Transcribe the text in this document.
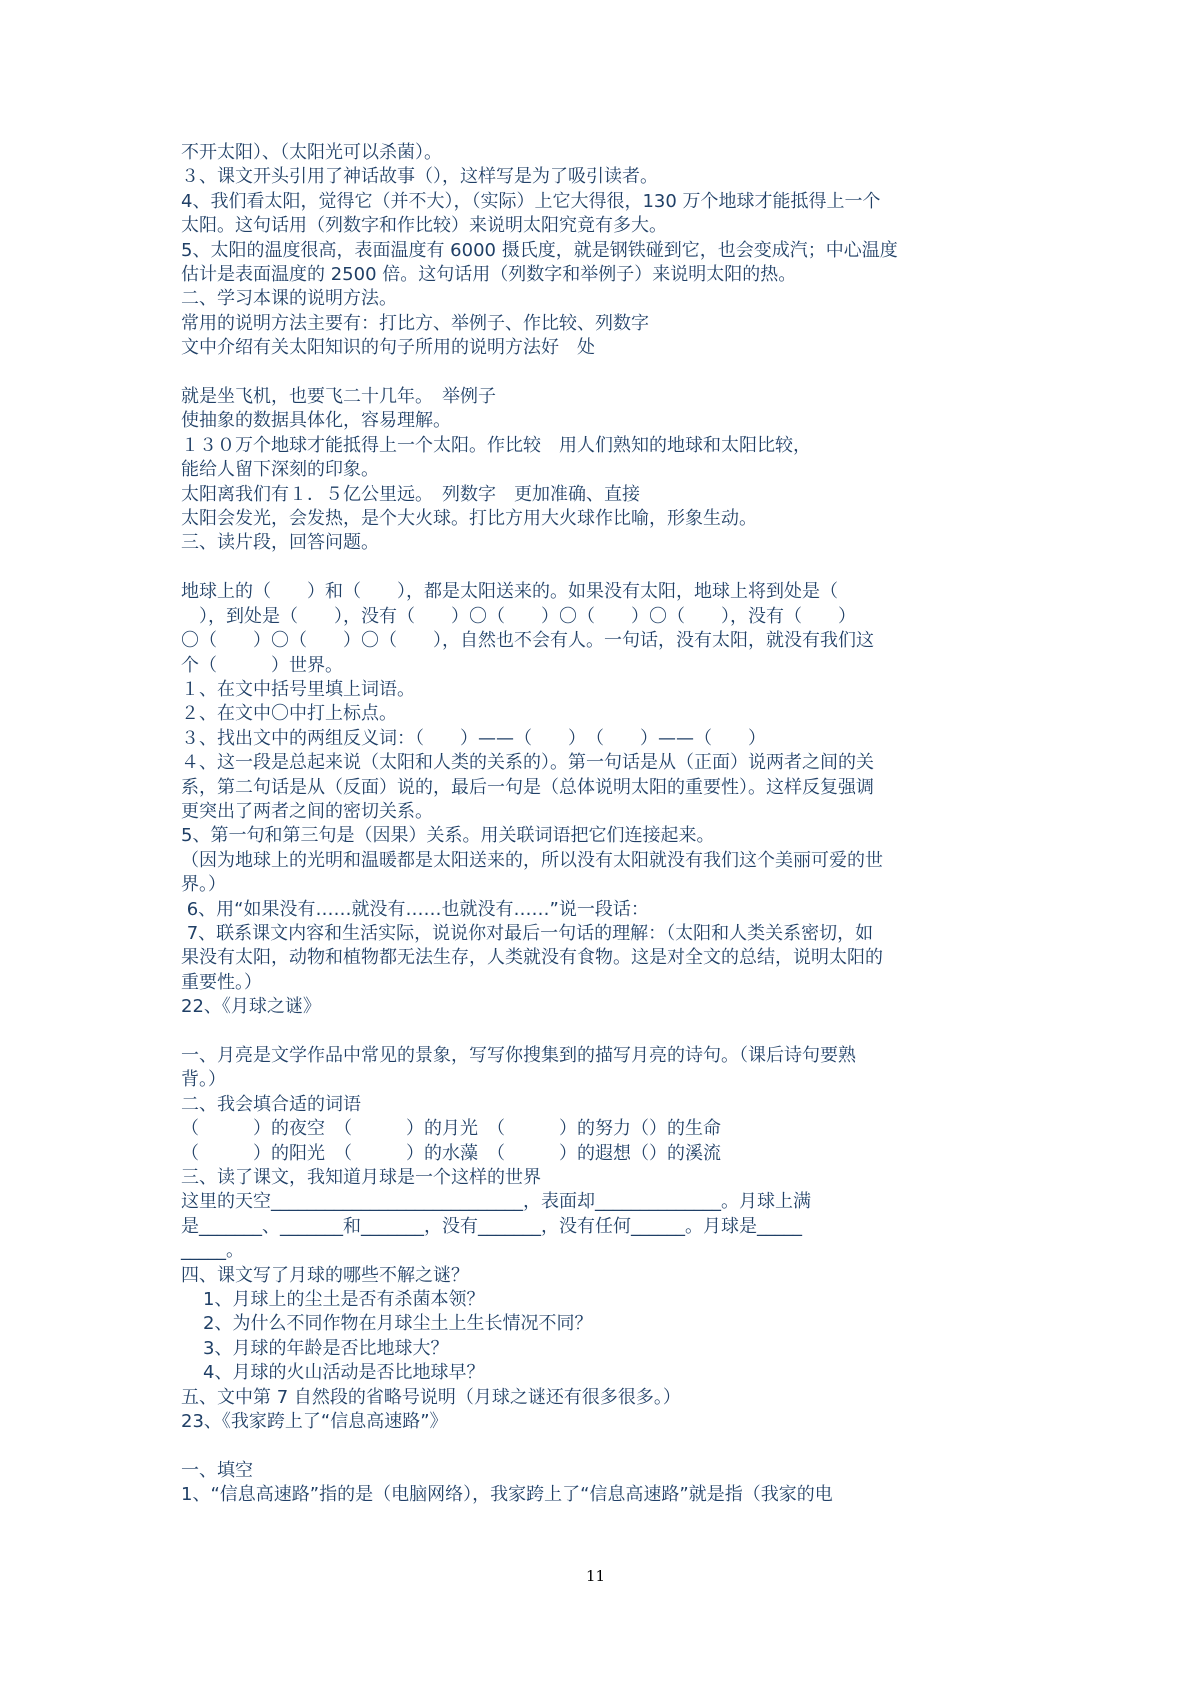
不开太阳）、（太阳光可以杀菌）。
３、课文开头引用了神话故事（），这样写是为了吸引读者。
4、我们看太阳，觉得它（并不大），（实际）上它大得很，130 万个地球才能抵得上一个
太阳。这句话用（列数字和作比较）来说明太阳究竟有多大。
5、太阳的温度很高，表面温度有 6000 摄氏度，就是钢铁碰到它，也会变成汽；中心温度
估计是表面温度的 2500 倍。这句话用（列数字和举例子）来说明太阳的热。
二、学习本课的说明方法。
常用的说明方法主要有：打比方、举例子、作比较、列数字
文中介绍有关太阳知识的句子所用的说明方法好　处
就是坐飞机，也要飞二十几年。　举例子
使抽象的数据具体化，容易理解。
１３０万个地球才能抵得上一个太阳。作比较　用人们熟知的地球和太阳比较，
能给人留下深刻的印象。
太阳离我们有１．５亿公里远。　列数字　更加准确、直接
太阳会发光，会发热，是个大火球。打比方用大火球作比喻，形象生动。
三、读片段，回答问题。
地球上的（　　）和（　　），都是太阳送来的。如果没有太阳，地球上将到处是（
　），到处是（　　），没有（　　）〇（　　）〇（　　）〇（　　），没有（　　）
〇（　　）〇（　　）〇（　　），自然也不会有人。一句话，没有太阳，就没有我们这
个（　　　）世界。
１、在文中括号里填上词语。
２、在文中〇中打上标点。
３、找出文中的两组反义词：（　　）——（　　）　（　　）——（　　）
４、这一段是总起来说（太阳和人类的关系的）。第一句话是从（正面）说两者之间的关
系，第二句话是从（反面）说的，最后一句是（总体说明太阳的重要性）。这样反复强调
更突出了两者之间的密切关系。
5、第一句和第三句是（因果）关系。用关联词语把它们连接起来。
（因为地球上的光明和温暖都是太阳送来的，所以没有太阳就没有我们这个美丽可爱的世
界。）
6、用“如果没有……就没有……也就没有……”说一段话：
7、联系课文内容和生活实际，说说你对最后一句话的理解：（太阳和人类关系密切，如
果没有太阳，动物和植物都无法生存，人类就没有食物。这是对全文的总结，说明太阳的
重要性。）
22、《月球之谜》
一、月亮是文学作品中常见的景象，写写你搜集到的描写月亮的诗句。（课后诗句要熟
背。）
二、我会填合适的词语
（　　　）的夜空　（　　　）的月光　（　　　）的努力（）的生命
（　　　）的阳光　（　　　）的水藻　（　　　）的遐想（）的溪流
三、读了课文，我知道月球是一个这样的世界
这里的天空____________________________，表面却______________。月球上满
是_______、_______和_______，没有_______，没有任何______。月球是_____
_____。
四、课文写了月球的哪些不解之谜？
1、月球上的尘土是否有杀菌本领？
2、为什么不同作物在月球尘土上生长情况不同？
3、月球的年龄是否比地球大？
4、月球的火山活动是否比地球早？
五、文中第 7 自然段的省略号说明（月球之谜还有很多很多。）
23、《我家跨上了“信息高速路”》
一、填空
1、“信息高速路”指的是（电脑网络），我家跨上了“信息高速路”就是指（我家的电
11
